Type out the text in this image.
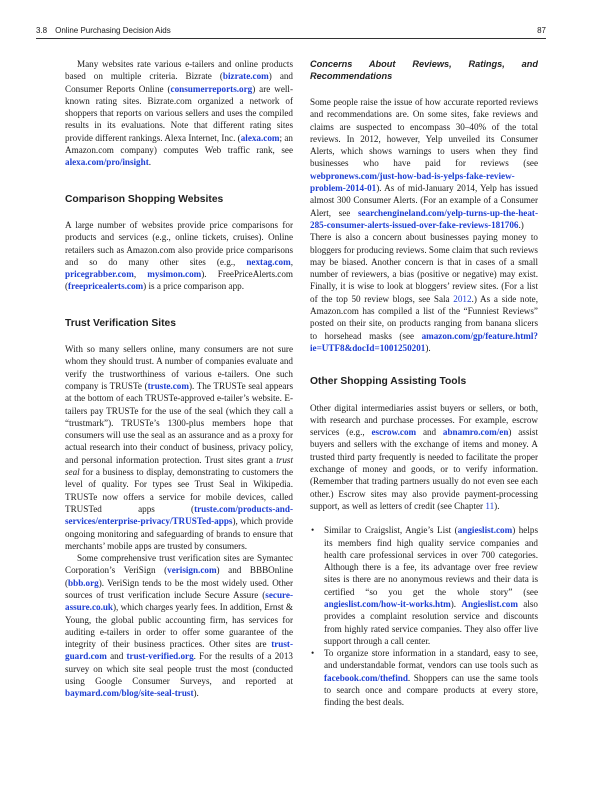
3.8 Online Purchasing Decision Aids	87

Many websites rate various e-tailers and online products based on multiple criteria. Bizrate (bizrate.com) and Consumer Reports Online (consumerreports.org) are well-known rating sites. Bizrate.com organized a network of shoppers that reports on various sellers and uses the compiled results in its evaluations. Note that different rating sites provide different rankings. Alexa Internet, Inc. (alexa.com; an Amazon.com company) computes Web traffic rank, see alexa.com/pro/insight.

Comparison Shopping Websites

A large number of websites provide price comparisons for products and services (e.g., online tickets, cruises). Online retailers such as Amazon.com also provide price comparisons and so do many other sites (e.g., nextag.com, pricegrabber.com, mysimon.com). FreePriceAlerts.com (freepricealerts.com) is a price comparison app.

Trust Verification Sites

With so many sellers online, many consumers are not sure whom they should trust. A number of companies evaluate and verify the trustworthiness of various e-tailers. One such company is TRUSTe (truste.com). The TRUSTe seal appears at the bottom of each TRUSTe-approved e-tailer’s website. E-tailers pay TRUSTe for the use of the seal (which they call a “trustmark”). TRUSTe’s 1300-plus members hope that consumers will use the seal as an assurance and as a proxy for actual research into their conduct of business, privacy policy, and personal information protection. Trust sites grant a trust seal for a business to display, demonstrating to customers the level of quality. For types see Trust Seal in Wikipedia. TRUSTe now offers a service for mobile devices, called TRUSTed apps (truste.com/products-and-services/enterprise-privacy/TRUSTed-apps), which provide ongoing monitoring and safeguarding of brands to ensure that merchants’ mobile apps are trusted by consumers.

Some comprehensive trust verification sites are Symantec Corporation’s VeriSign (verisign.com) and BBBOnline (bbb.org). VeriSign tends to be the most widely used. Other sources of trust verification include Secure Assure (secure-assure.co.uk), which charges yearly fees. In addition, Ernst & Young, the global public accounting firm, has services for auditing e-tailers in order to offer some guarantee of the integrity of their business practices. Other sites are trust-guard.com and trust-verified.org. For the results of a 2013 survey on which site seal people trust the most (conducted using Google Consumer Surveys, and reported at baymard.com/blog/site-seal-trust).

Concerns About Reviews, Ratings, and Recommendations

Some people raise the issue of how accurate reported reviews and recommendations are. On some sites, fake reviews and claims are suspected to encompass 30–40% of the total reviews. In 2012, however, Yelp unveiled its Consumer Alerts, which shows warnings to users when they find businesses who have paid for reviews (see webpronews.com/just-how-bad-is-yelps-fake-review-problem-2014-01). As of mid-January 2014, Yelp has issued almost 300 Consumer Alerts. (For an example of a Consumer Alert, see searchengineland.com/yelp-turns-up-the-heat-285-consumer-alerts-issued-over-fake-reviews-181706.) There is also a concern about businesses paying money to bloggers for producing reviews. Some claim that such reviews may be biased. Another concern is that in cases of a small number of reviewers, a bias (positive or negative) may exist. Finally, it is wise to look at bloggers’ review sites. (For a list of the top 50 review blogs, see Sala 2012.) As a side note, Amazon.com has compiled a list of the “Funniest Reviews” posted on their site, on products ranging from banana slicers to horsehead masks (see amazon.com/gp/feature.html?ie=UTF8&docId=1001250201).

Other Shopping Assisting Tools

Other digital intermediaries assist buyers or sellers, or both, with research and purchase processes. For example, escrow services (e.g., escrow.com and abnamro.com/en) assist buyers and sellers with the exchange of items and money. A trusted third party frequently is needed to facilitate the proper exchange of money and goods, or to verify information. (Remember that trading partners usually do not even see each other.) Escrow sites may also provide payment-processing support, as well as letters of credit (see Chapter 11).

• Similar to Craigslist, Angie’s List (angieslist.com) helps its members find high quality service companies and health care professional services in over 700 categories. Although there is a fee, its advantage over free review sites is there are no anonymous reviews and their data is certified “so you get the whole story” (see angieslist.com/how-it-works.htm). Angieslist.com also provides a complaint resolution service and discounts from highly rated service companies. They also offer live support through a call center.
• To organize store information in a standard, easy to see, and understandable format, vendors can use tools such as facebook.com/thefind. Shoppers can use the same tools to search once and compare products at every store, finding the best deals.
